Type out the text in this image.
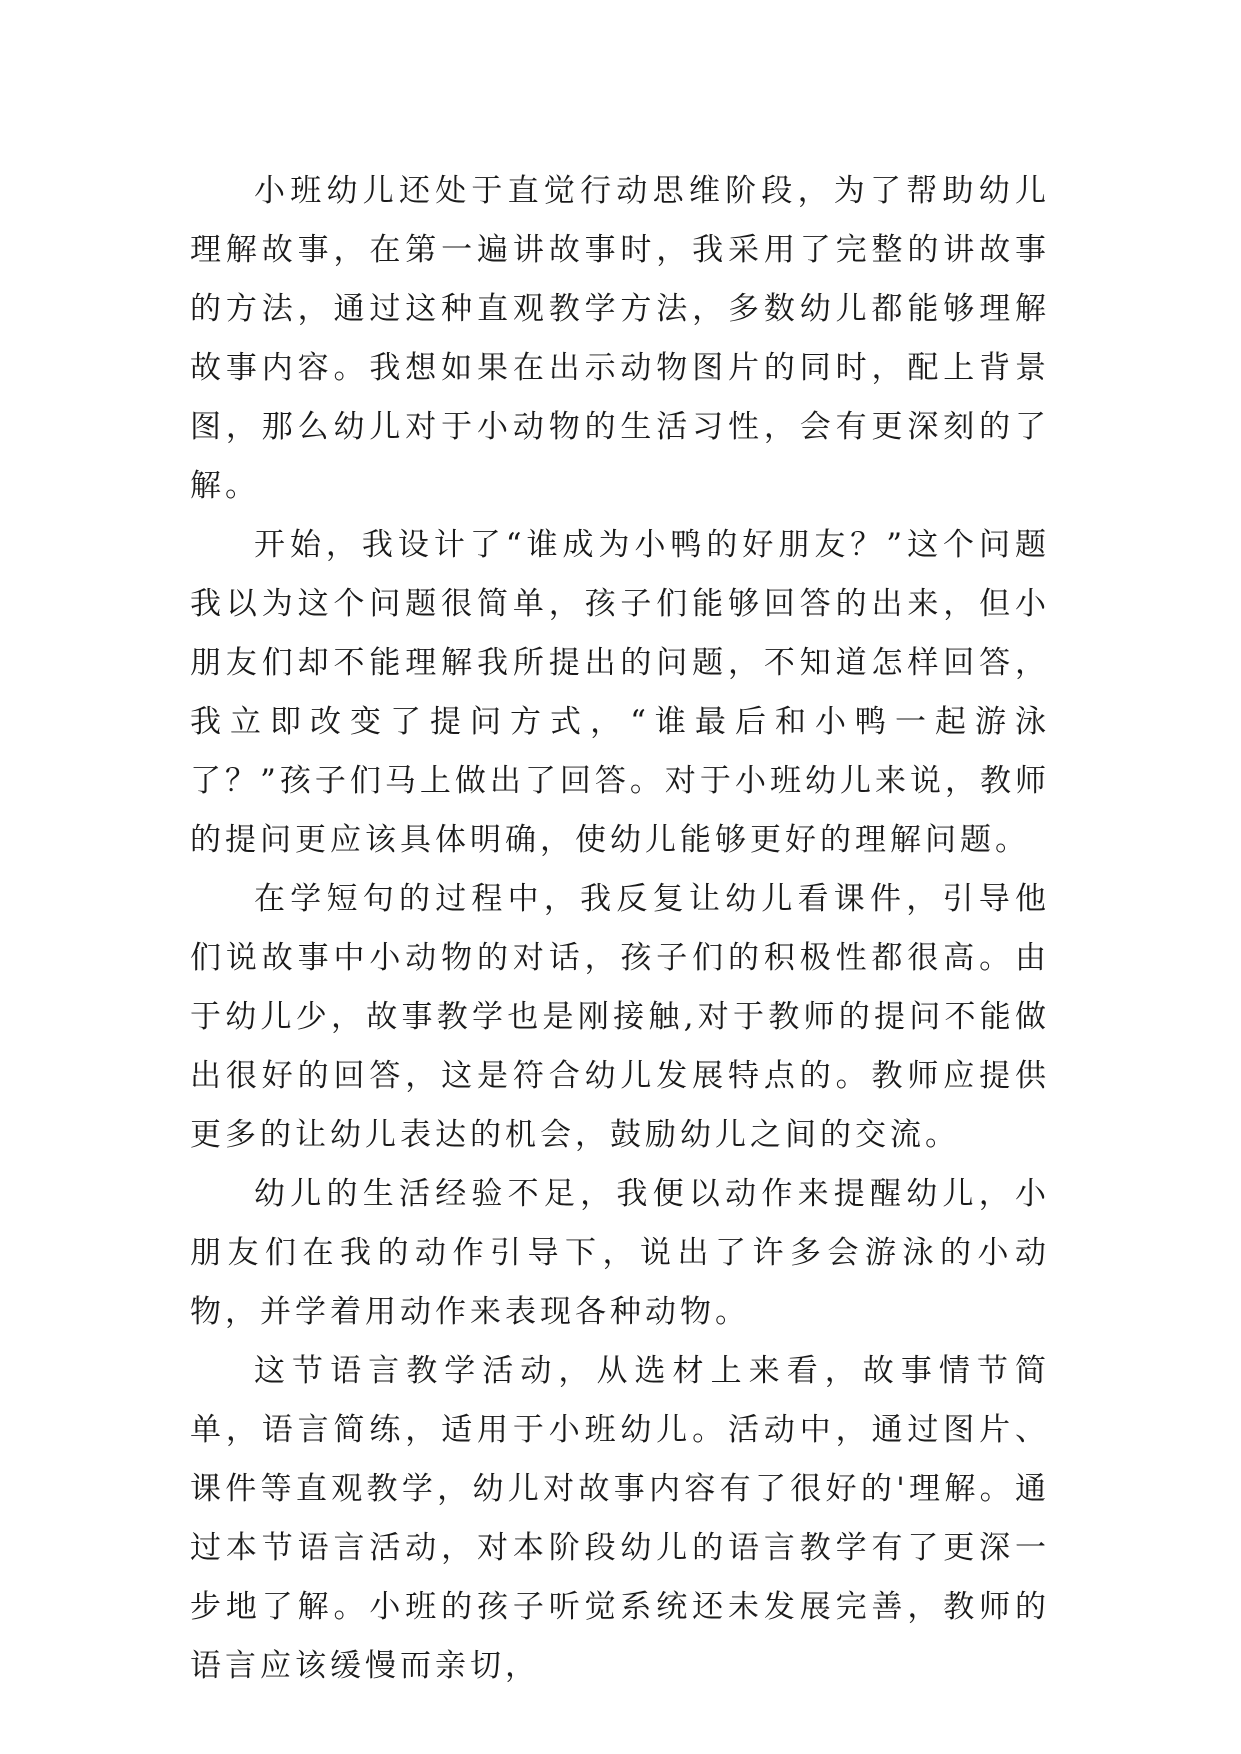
小班幼儿还处于直觉行动思维阶段，为了帮助幼儿理解故事，在第一遍讲故事时，我采用了完整的讲故事的方法，通过这种直观教学方法，多数幼儿都能够理解故事内容。我想如果在出示动物图片的同时，配上背景图，那么幼儿对于小动物的生活习性，会有更深刻的了解。

开始，我设计了“谁成为小鸭的好朋友？”这个问题我以为这个问题很简单，孩子们能够回答的出来，但小朋友们却不能理解我所提出的问题，不知道怎样回答，我立即改变了提问方式，“谁最后和小鸭一起游泳了？”孩子们马上做出了回答。对于小班幼儿来说，教师的提问更应该具体明确，使幼儿能够更好的理解问题。

在学短句的过程中，我反复让幼儿看课件，引导他们说故事中小动物的对话，孩子们的积极性都很高。由于幼儿少，故事教学也是刚接触,对于教师的提问不能做出很好的回答，这是符合幼儿发展特点的。教师应提供更多的让幼儿表达的机会，鼓励幼儿之间的交流。

幼儿的生活经验不足，我便以动作来提醒幼儿，小朋友们在我的动作引导下，说出了许多会游泳的小动物，并学着用动作来表现各种动物。

这节语言教学活动，从选材上来看，故事情节简单，语言简练，适用于小班幼儿。活动中，通过图片、课件等直观教学，幼儿对故事内容有了很好的'理解。通过本节语言活动，对本阶段幼儿的语言教学有了更深一步地了解。小班的孩子听觉系统还未发展完善，教师的语言应该缓慢而亲切，
